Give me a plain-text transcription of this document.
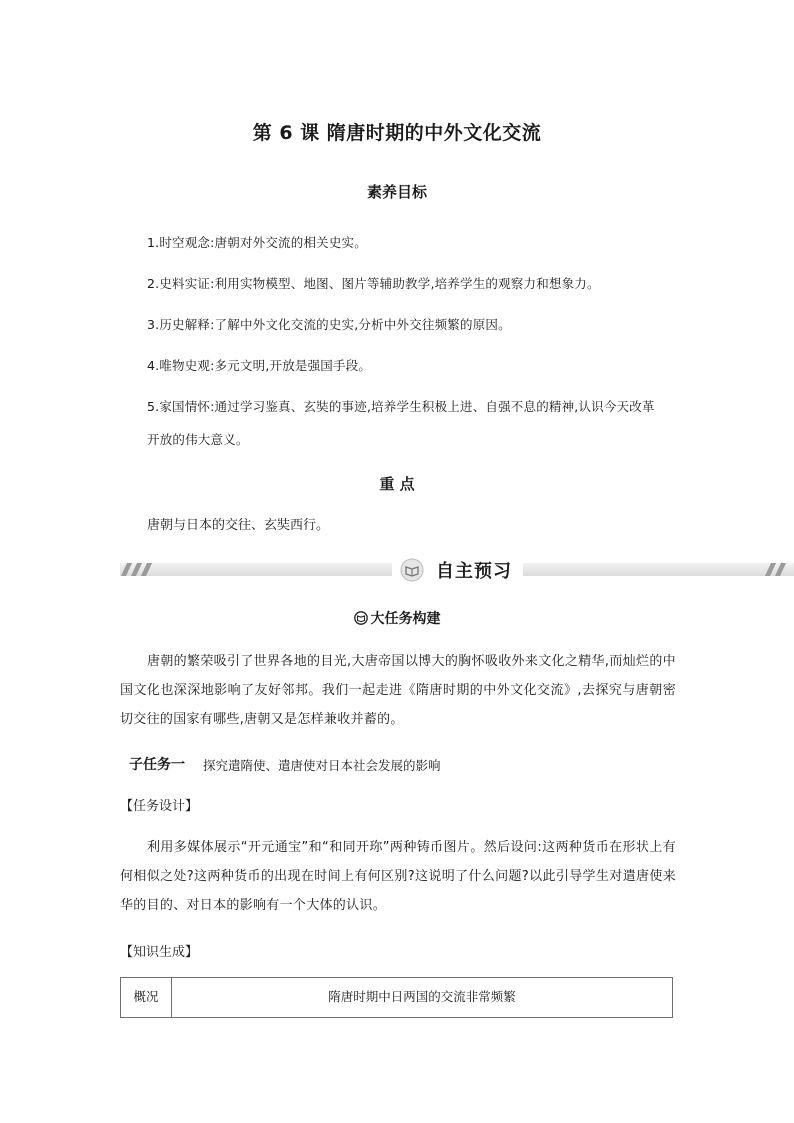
第 6 课 隋唐时期的中外文化交流
素养目标
1.时空观念:唐朝对外交流的相关史实。
2.史料实证:利用实物模型、地图、图片等辅助教学,培养学生的观察力和想象力。
3.历史解释:了解中外文化交流的史实,分析中外交往频繁的原因。
4.唯物史观:多元文明,开放是强国手段。
5.家国情怀:通过学习鉴真、玄奘的事迹,培养学生积极上进、自强不息的精神,认识今天改革开放的伟大意义。
重 点
唐朝与日本的交往、玄奘西行。
自主预习
大任务构建
唐朝的繁荣吸引了世界各地的目光,大唐帝国以博大的胸怀吸收外来文化之精华,而灿烂的中国文化也深深地影响了友好邻邦。我们一起走进《隋唐时期的中外文化交流》,去探究与唐朝密切交往的国家有哪些,唐朝又是怎样兼收并蓄的。
子任务一 探究遣隋使、遣唐使对日本社会发展的影响
【任务设计】
利用多媒体展示“开元通宝”和“和同开珎”两种铸币图片。然后设问:这两种货币在形状上有何相似之处?这两种货币的出现在时间上有何区别?这说明了什么问题?以此引导学生对遣唐使来华的目的、对日本的影响有一个大体的认识。
【知识生成】
概况	隋唐时期中日两国的交流非常频繁
